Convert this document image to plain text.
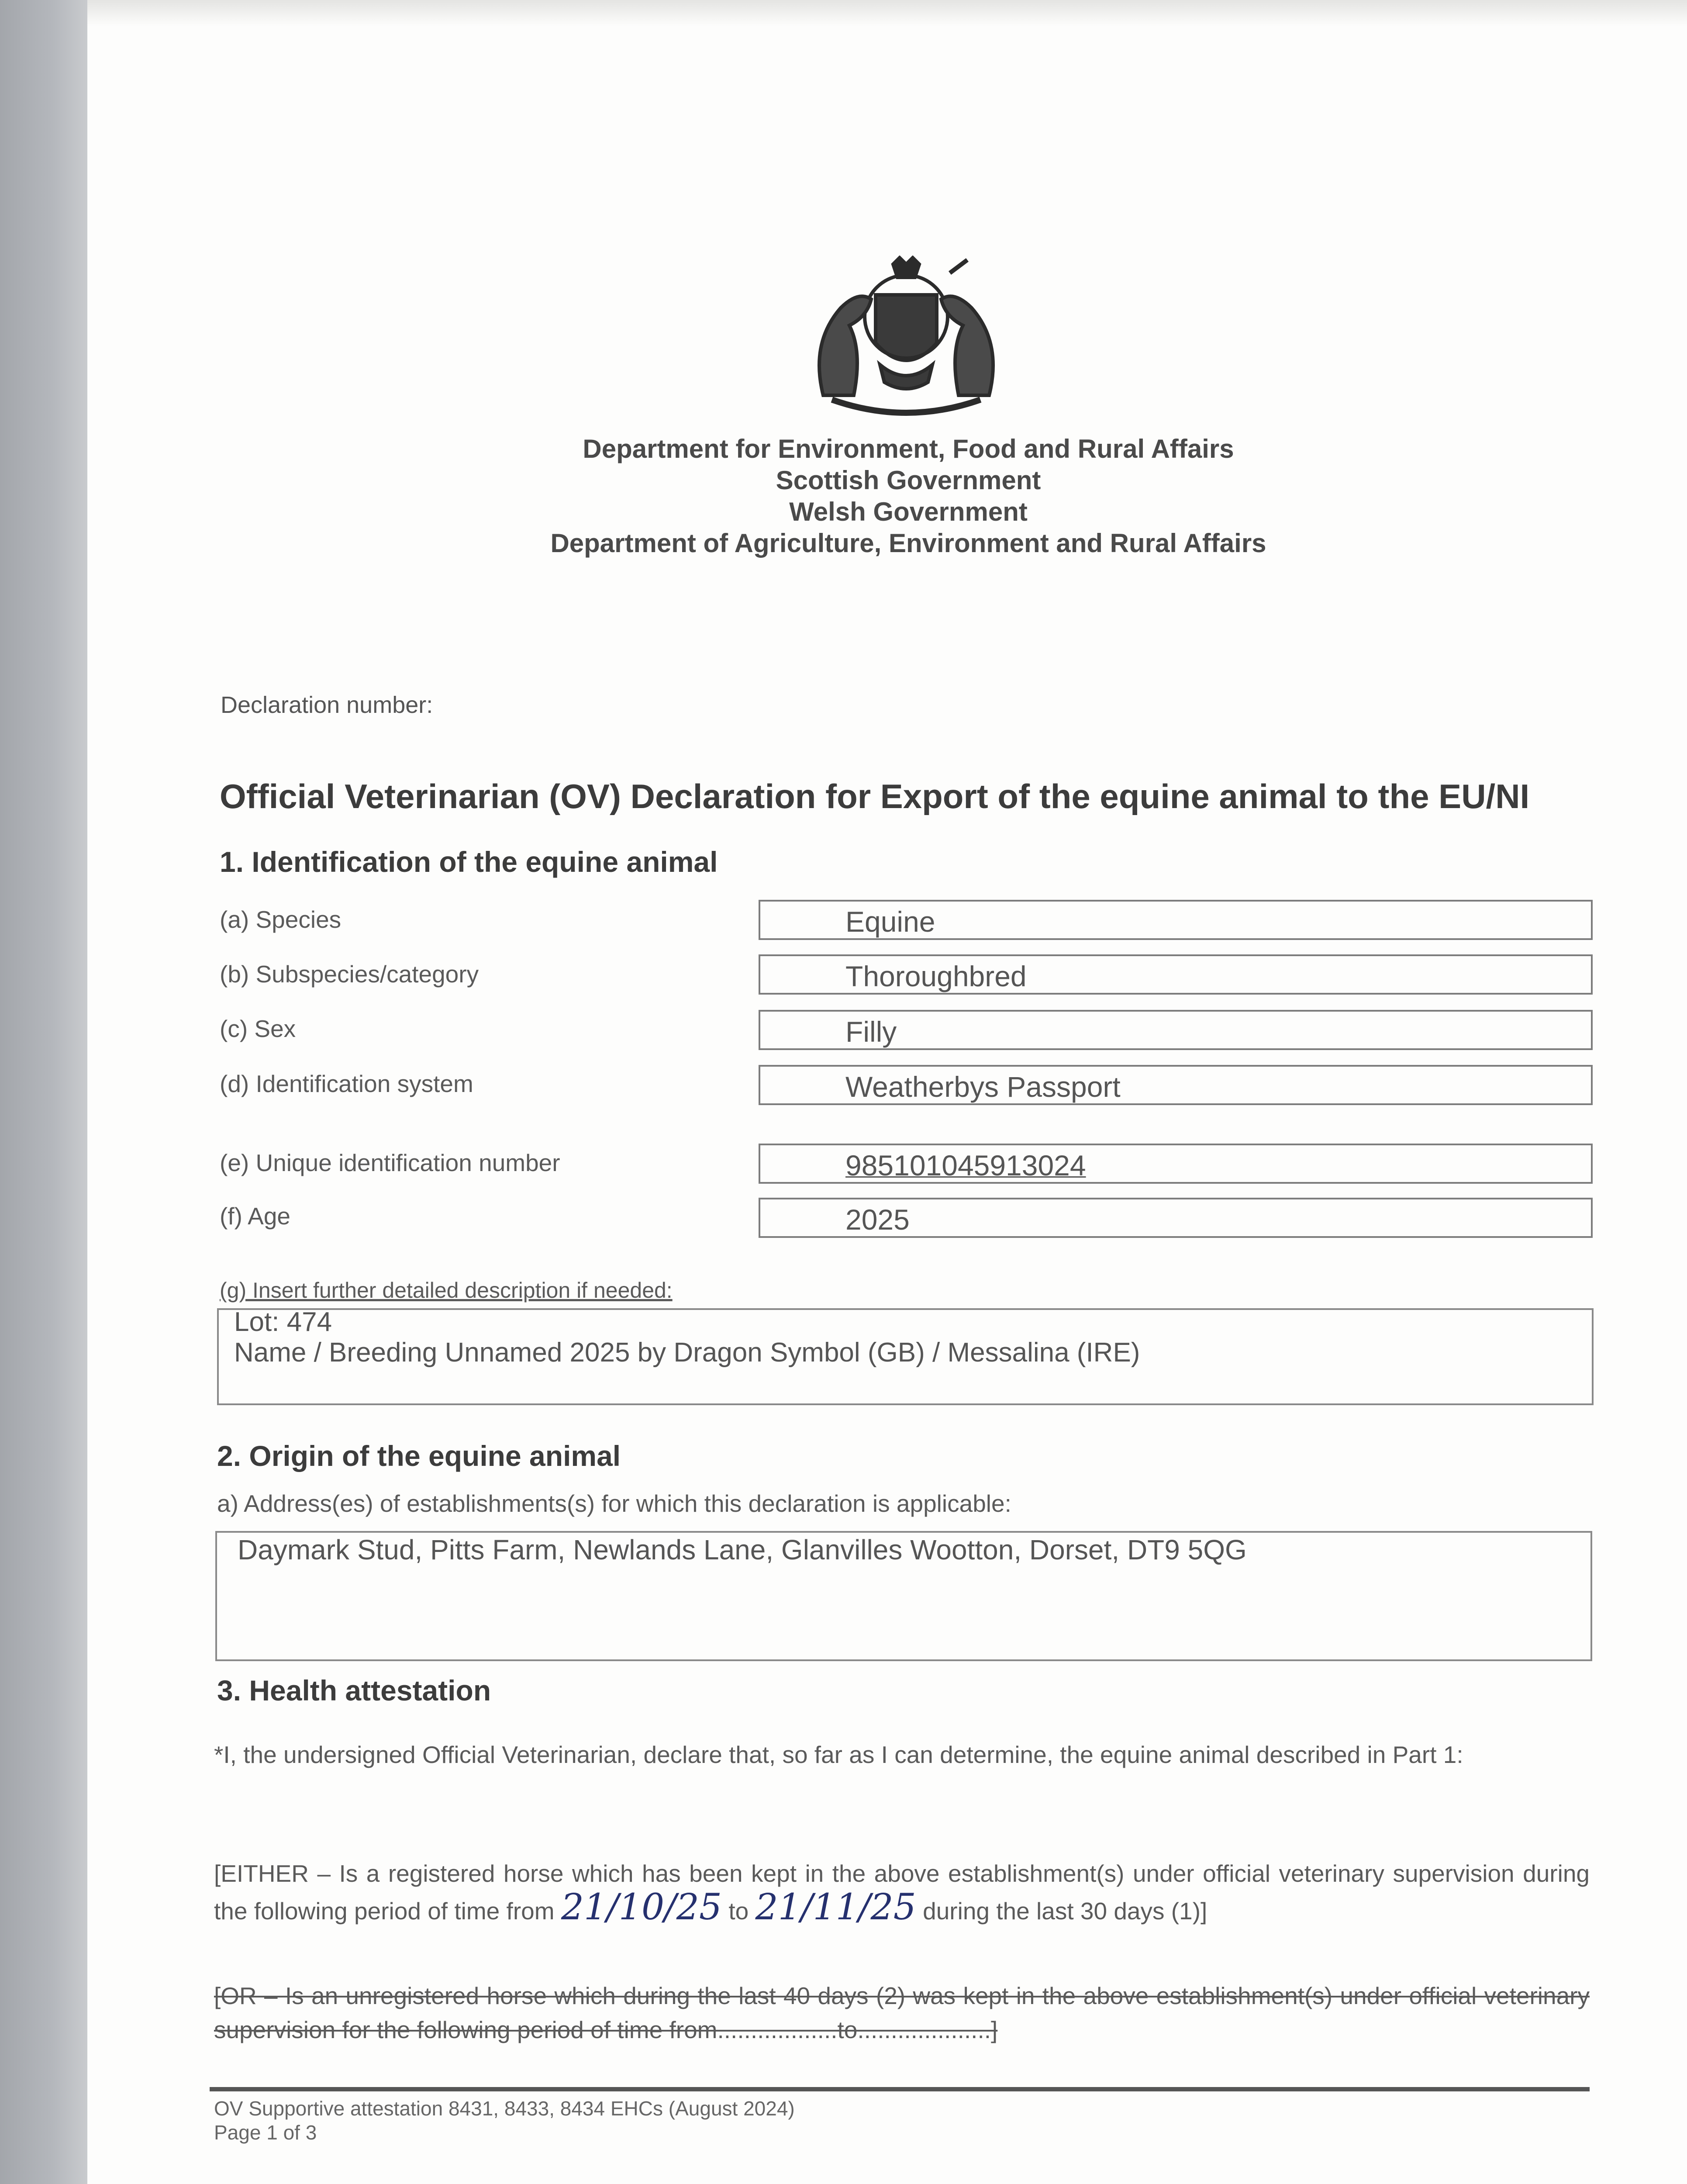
Department for Environment, Food and Rural Affairs
Scottish Government
Welsh Government
Department of Agriculture, Environment and Rural Affairs
Declaration number:
Official Veterinarian (OV) Declaration for Export of the equine animal to the EU/NI
1. Identification of the equine animal
(a) Species	Equine
(b) Subspecies/category	Thoroughbred
(c) Sex	Filly
(d) Identification system	Weatherbys Passport
(e) Unique identification number	985101045913024
(f) Age	2025
(g) Insert further detailed description if needed:
Lot: 474
Name / Breeding Unnamed 2025 by Dragon Symbol (GB) / Messalina (IRE)
2. Origin of the equine animal
a) Address(es) of establishments(s) for which this declaration is applicable:
Daymark Stud, Pitts Farm, Newlands Lane, Glanvilles Wootton, Dorset, DT9 5QG
3. Health attestation
*I, the undersigned Official Veterinarian, declare that, so far as I can determine, the equine animal described in Part 1:
[EITHER – Is a registered horse which has been kept in the above establishment(s) under official veterinary supervision during the following period of time from 21/10/25 to 21/11/25 during the last 30 days (1)]
[OR – Is an unregistered horse which during the last 40 days (2) was kept in the above establishment(s) under official veterinary supervision for the following period of time from..................to....................]
OV Supportive attestation 8431, 8433, 8434 EHCs (August 2024)
Page 1 of 3
